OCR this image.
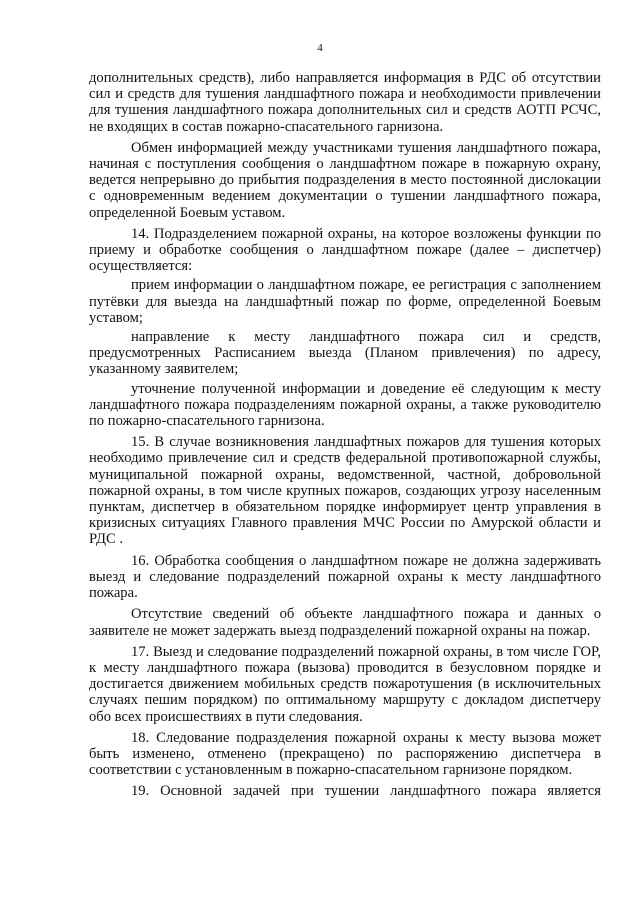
4

дополнительных средств), либо направляется информация в РДС об отсутствии сил и средств для тушения ландшафтного пожара и необходимости привлечении для тушения ландшафтного пожара дополнительных сил и средств АОТП РСЧС, не входящих в состав пожарно-спасательного гарнизона.

Обмен информацией между участниками тушения ландшафтного пожара, начиная с поступления сообщения о ландшафтном пожаре в пожарную охрану, ведется непрерывно до прибытия подразделения в место постоянной дислокации с одновременным ведением документации о тушении ландшафтного пожара, определенной Боевым уставом.

14. Подразделением пожарной охраны, на которое возложены функции по приему и обработке сообщения о ландшафтном пожаре (далее – диспетчер) осуществляется:

прием информации о ландшафтном пожаре, ее регистрация с заполнением путёвки для выезда на ландшафтный пожар по форме, определенной Боевым уставом;

направление к месту ландшафтного пожара сил и средств, предусмотренных Расписанием выезда (Планом привлечения) по адресу, указанному заявителем;

уточнение полученной информации и доведение её следующим к месту ландшафтного пожара подразделениям пожарной охраны, а также руководителю по пожарно-спасательного гарнизона.

15. В случае возникновения ландшафтных пожаров для тушения которых необходимо привлечение сил и средств федеральной противопожарной службы, муниципальной пожарной охраны, ведомственной, частной, добровольной пожарной охраны, в том числе крупных пожаров, создающих угрозу населенным пунктам, диспетчер в обязательном порядке информирует центр управления в кризисных ситуациях Главного правления МЧС России по Амурской области и РДС .

16. Обработка сообщения о ландшафтном пожаре не должна задерживать выезд и следование подразделений пожарной охраны к месту ландшафтного пожара.

Отсутствие сведений об объекте ландшафтного пожара и данных о заявителе не может задержать выезд подразделений пожарной охраны на пожар.

17. Выезд и следование подразделений пожарной охраны, в том числе ГОР, к месту ландшафтного пожара (вызова) проводится в безусловном порядке и достигается движением мобильных средств пожаротушения (в исключительных случаях пешим порядком) по оптимальному маршруту с докладом диспетчеру обо всех происшествиях в пути следования.

18. Следование подразделения пожарной охраны к месту вызова может быть изменено, отменено (прекращено) по распоряжению диспетчера в соответствии с установленным в пожарно-спасательном гарнизоне порядком.

19. Основной задачей при тушении ландшафтного пожара является
